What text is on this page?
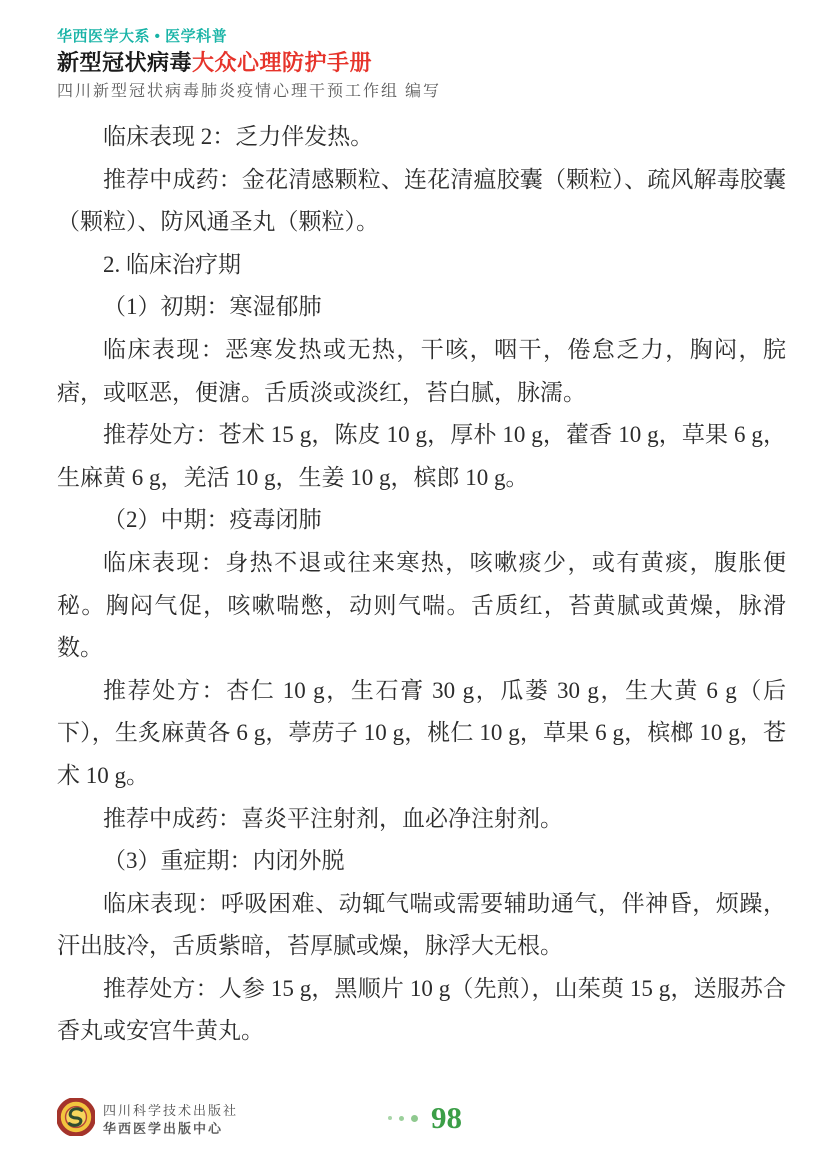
华西医学大系 • 医学科普
新型冠状病毒大众心理防护手册
四川新型冠状病毒肺炎疫情心理干预工作组 编写

临床表现 2：乏力伴发热。

推荐中成药：金花清感颗粒、连花清瘟胶囊（颗粒）、疏风解毒胶囊（颗粒）、防风通圣丸（颗粒）。

2. 临床治疗期

（1）初期：寒湿郁肺

临床表现：恶寒发热或无热，干咳，咽干，倦怠乏力，胸闷，脘痞，或呕恶，便溏。舌质淡或淡红，苔白腻，脉濡。

推荐处方：苍术 15 g，陈皮 10 g，厚朴 10 g，藿香 10 g，草果 6 g，生麻黄 6 g，羌活 10 g，生姜 10 g，槟郎 10 g。

（2）中期：疫毒闭肺

临床表现：身热不退或往来寒热，咳嗽痰少，或有黄痰，腹胀便秘。胸闷气促，咳嗽喘憋，动则气喘。舌质红，苔黄腻或黄燥，脉滑数。

推荐处方：杏仁 10 g，生石膏 30 g，瓜蒌 30 g，生大黄 6 g（后下），生炙麻黄各 6 g，葶苈子 10 g，桃仁 10 g，草果 6 g，槟榔 10 g，苍术 10 g。

推荐中成药：喜炎平注射剂，血必净注射剂。

（3）重症期：内闭外脱

临床表现：呼吸困难、动辄气喘或需要辅助通气，伴神昏，烦躁，汗出肢冷，舌质紫暗，苔厚腻或燥，脉浮大无根。

推荐处方：人参 15 g，黑顺片 10 g（先煎），山茱萸 15 g，送服苏合香丸或安宫牛黄丸。

四川科学技术出版社
华西医学出版中心	98
